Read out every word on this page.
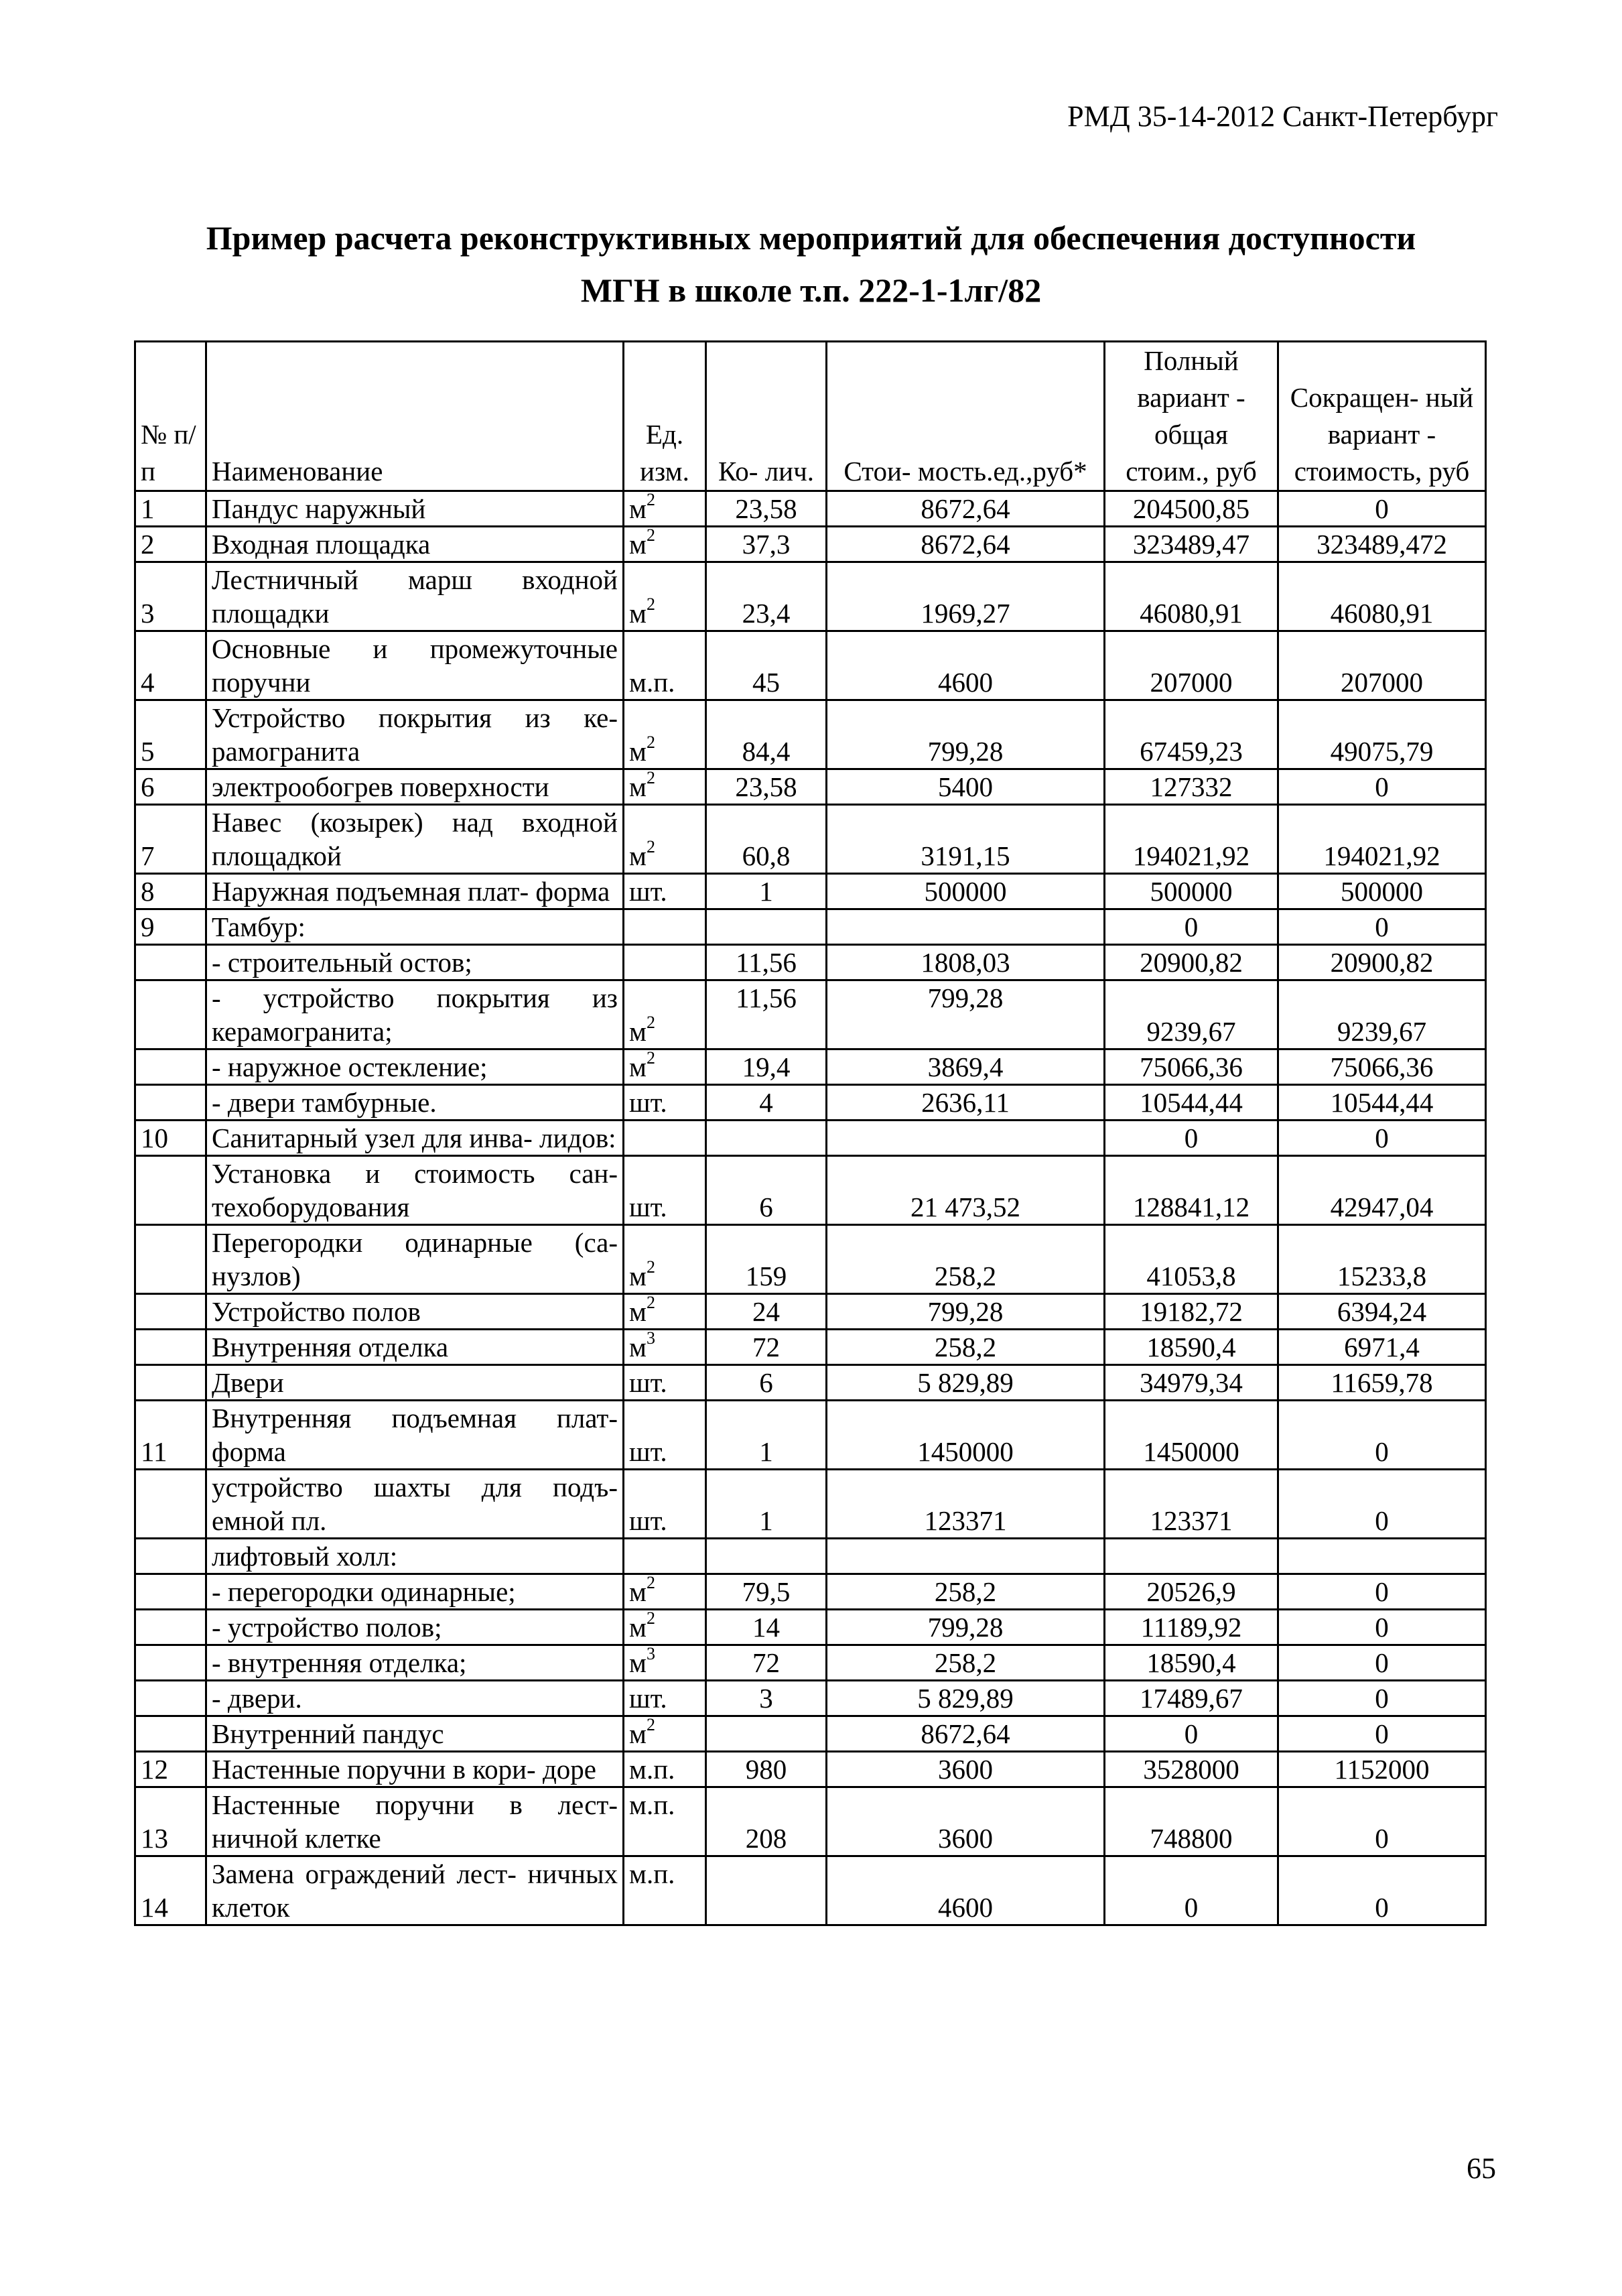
РМД 35-14-2012 Санкт-Петербург
Пример расчета реконструктивных мероприятий для обеспечения доступности
МГН в школе т.п. 222-1-1лг/82
№ п/ п	Наименование	Ед. изм.	Ко- лич.	Стои- мость.ед.,руб*	Полный вариант - общая стоим., руб	Сокращен- ный вариант - стоимость, руб
1	Пандус наружный	$м^2$	23,58	8672,64	204500,85	0
2	Входная площадка	$м^2$	37,3	8672,64	323489,47	323489,472
3	Лестничный марш входной площадки	$м^2$	23,4	1969,27	46080,91	46080,91
4	Основные и промежуточные поручни	м.п.	45	4600	207000	207000
5	Устройство покрытия из ке- рамогранита	$м^2$	84,4	799,28	67459,23	49075,79
6	электрообогрев поверхности	$м^2$	23,58	5400	127332	0
7	Навес (козырек) над входной площадкой	$м^2$	60,8	3191,15	194021,92	194021,92
8	Наружная подъемная плат- форма	шт.	1	500000	500000	500000
9	Тамбур:				0	0
	- строительный остов;		11,56	1808,03	20900,82	20900,82
	- устройство покрытия из керамогранита;	$м^2$	11,56	799,28	9239,67	9239,67
	- наружное остекление;	$м^2$	19,4	3869,4	75066,36	75066,36
	- двери тамбурные.	шт.	4	2636,11	10544,44	10544,44
10	Санитарный узел для инва- лидов:				0	0
	Установка и стоимость сан- техоборудования	шт.	6	21 473,52	128841,12	42947,04
	Перегородки одинарные (са- нузлов)	$м^2$	159	258,2	41053,8	15233,8
	Устройство полов	$м^2$	24	799,28	19182,72	6394,24
	Внутренняя отделка	$м^3$	72	258,2	18590,4	6971,4
	Двери	шт.	6	5 829,89	34979,34	11659,78
11	Внутренняя подъемная плат- форма	шт.	1	1450000	1450000	0
	устройство шахты для подъ- емной пл.	шт.	1	123371	123371	0
	лифтовый холл:					
	- перегородки одинарные;	$м^2$	79,5	258,2	20526,9	0
	- устройство полов;	$м^2$	14	799,28	11189,92	0
	- внутренняя отделка;	$м^3$	72	258,2	18590,4	0
	- двери.	шт.	3	5 829,89	17489,67	0
	Внутренний пандус	$м^2$		8672,64	0	0
12	Настенные поручни в кори- доре	м.п.	980	3600	3528000	1152000
13	Настенные поручни в лест- ничной клетке	м.п.	208	3600	748800	0
14	Замена ограждений лест- ничных клеток	м.п.		4600	0	0
65
